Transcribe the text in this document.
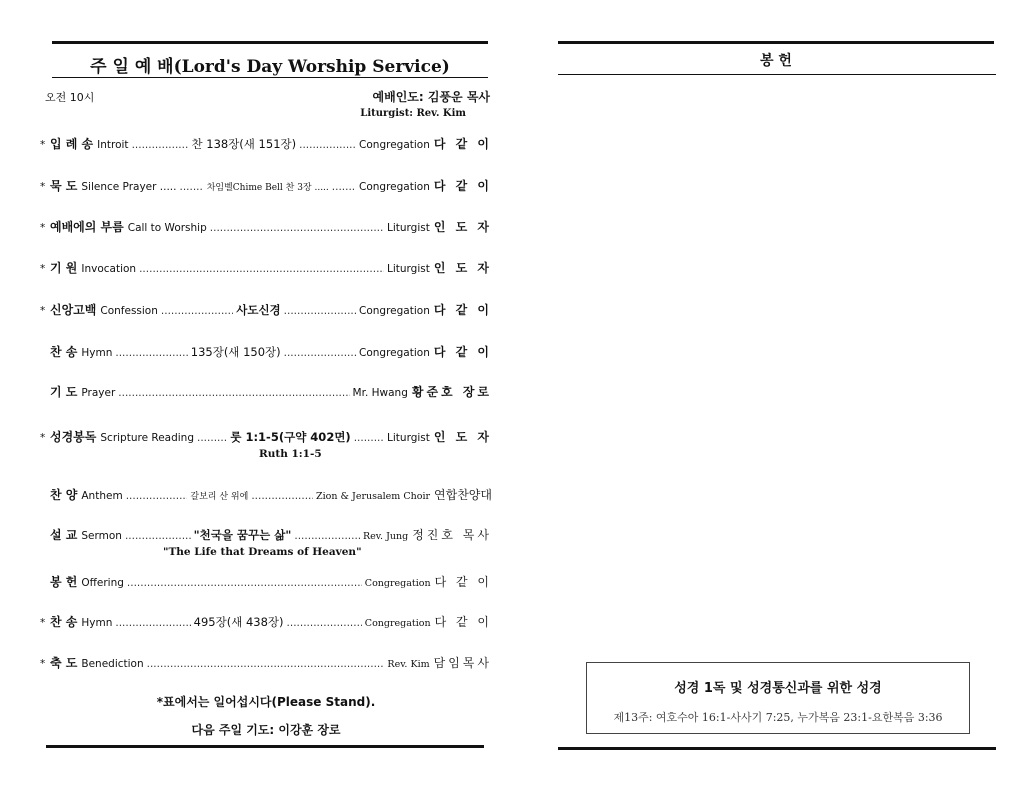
주 일 예 배(Lord's Day Worship Service)
오전 10시	예배인도: 김풍운 목사
Liturgist: Rev. Kim
* 입 례 송 Introit .....	찬 138장(새 151장) .....	Congregation 다 같 이
* 묵 도 Silence Prayer ..... .....	차임벨Chime Bell 찬 3장 ..... .....	Congregation 다 같 이
* 예배에의 부름 Call to Worship .....	Liturgist 인 도 자
* 기 원 Invocation .....	Liturgist 인 도 자
* 신앙고백 Confession .....	사도신경 .....	Congregation 다 같 이
찬 송 Hymn .....	135장(새 150장) .....	Congregation 다 같 이
기 도 Prayer .....	Mr. Hwang 황준호 장로
* 성경봉독 Scripture Reading .....	룻 1:1-5(구약 402면) .....	Liturgist 인 도 자
찬 양 Anthem .....	갈보리 산 위에 .....	Zion & Jerusalem Choir 연합찬양대
설 교 Sermon .....	"천국을 꿈꾸는 삶" .....	Rev. Jung 정진호 목사
봉 헌 Offering .....	Congregation 다 같 이
* 찬 송 Hymn .....	495장(새 438장) .....	Congregation 다 같 이
* 축 도 Benediction .....	Rev. Kim 담임목사
Ruth 1:1-5
"The Life that Dreams of Heaven"
*표에서는 일어섭시다(Please Stand).
다음 주일 기도: 이강훈 장로
봉 헌
성경 1독 및 성경통신과를 위한 성경
제13주: 여호수아 16:1-사사기 7:25, 누가복음 23:1-요한복음 3:36
